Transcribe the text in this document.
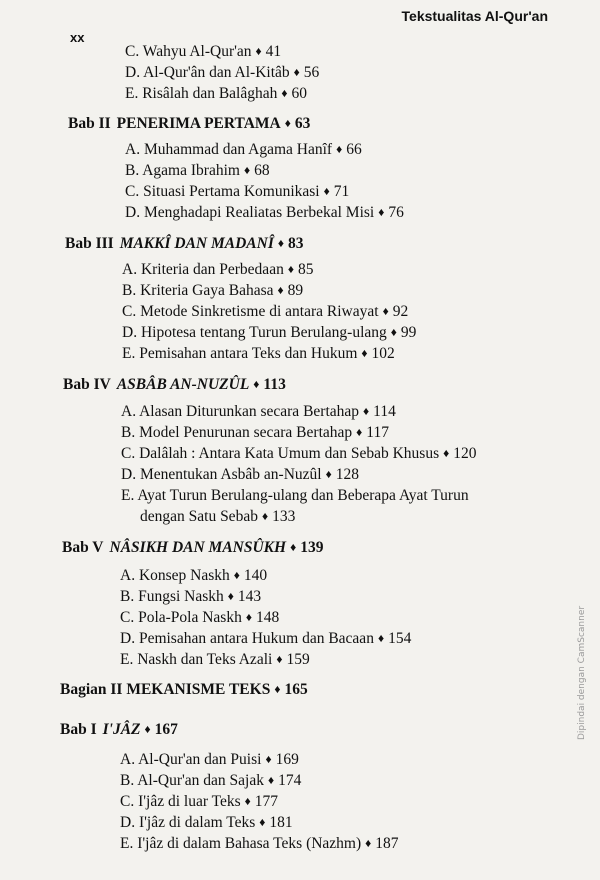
Tekstualitas Al-Qur'an
xx
C. Wahyu Al-Qur'an ♦ 41
D. Al-Qur'ân dan Al-Kitâb ♦ 56
E. Risâlah dan Balâghah ♦ 60
Bab II PENERIMA PERTAMA ♦ 63
A. Muhammad dan Agama Hanîf ♦ 66
B. Agama Ibrahim ♦ 68
C. Situasi Pertama Komunikasi ♦ 71
D. Menghadapi Realiatas Berbekal Misi ♦ 76
Bab III MAKKÎ DAN MADANÎ ♦ 83
A. Kriteria dan Perbedaan ♦ 85
B. Kriteria Gaya Bahasa ♦ 89
C. Metode Sinkretisme di antara Riwayat ♦ 92
D. Hipotesa tentang Turun Berulang-ulang ♦ 99
E. Pemisahan antara Teks dan Hukum ♦ 102
Bab IV ASBÂB AN-NUZÛL ♦ 113
A. Alasan Diturunkan secara Bertahap ♦ 114
B. Model Penurunan secara Bertahap ♦ 117
C. Dalâlah : Antara Kata Umum dan Sebab Khusus ♦ 120
D. Menentukan Asbâb an-Nuzûl ♦ 128
E. Ayat Turun Berulang-ulang dan Beberapa Ayat Turun
dengan Satu Sebab ♦ 133
Bab V NÂSIKH DAN MANSÛKH ♦ 139
A. Konsep Naskh ♦ 140
B. Fungsi Naskh ♦ 143
C. Pola-Pola Naskh ♦ 148
D. Pemisahan antara Hukum dan Bacaan ♦ 154
E. Naskh dan Teks Azali ♦ 159
Bagian II MEKANISME TEKS ♦ 165
Bab I I'JÂZ ♦ 167
A. Al-Qur'an dan Puisi ♦ 169
B. Al-Qur'an dan Sajak ♦ 174
C. I'jâz di luar Teks ♦ 177
D. I'jâz di dalam Teks ♦ 181
E. I'jâz di dalam Bahasa Teks (Nazhm) ♦ 187
Dipindai dengan CamScanner
